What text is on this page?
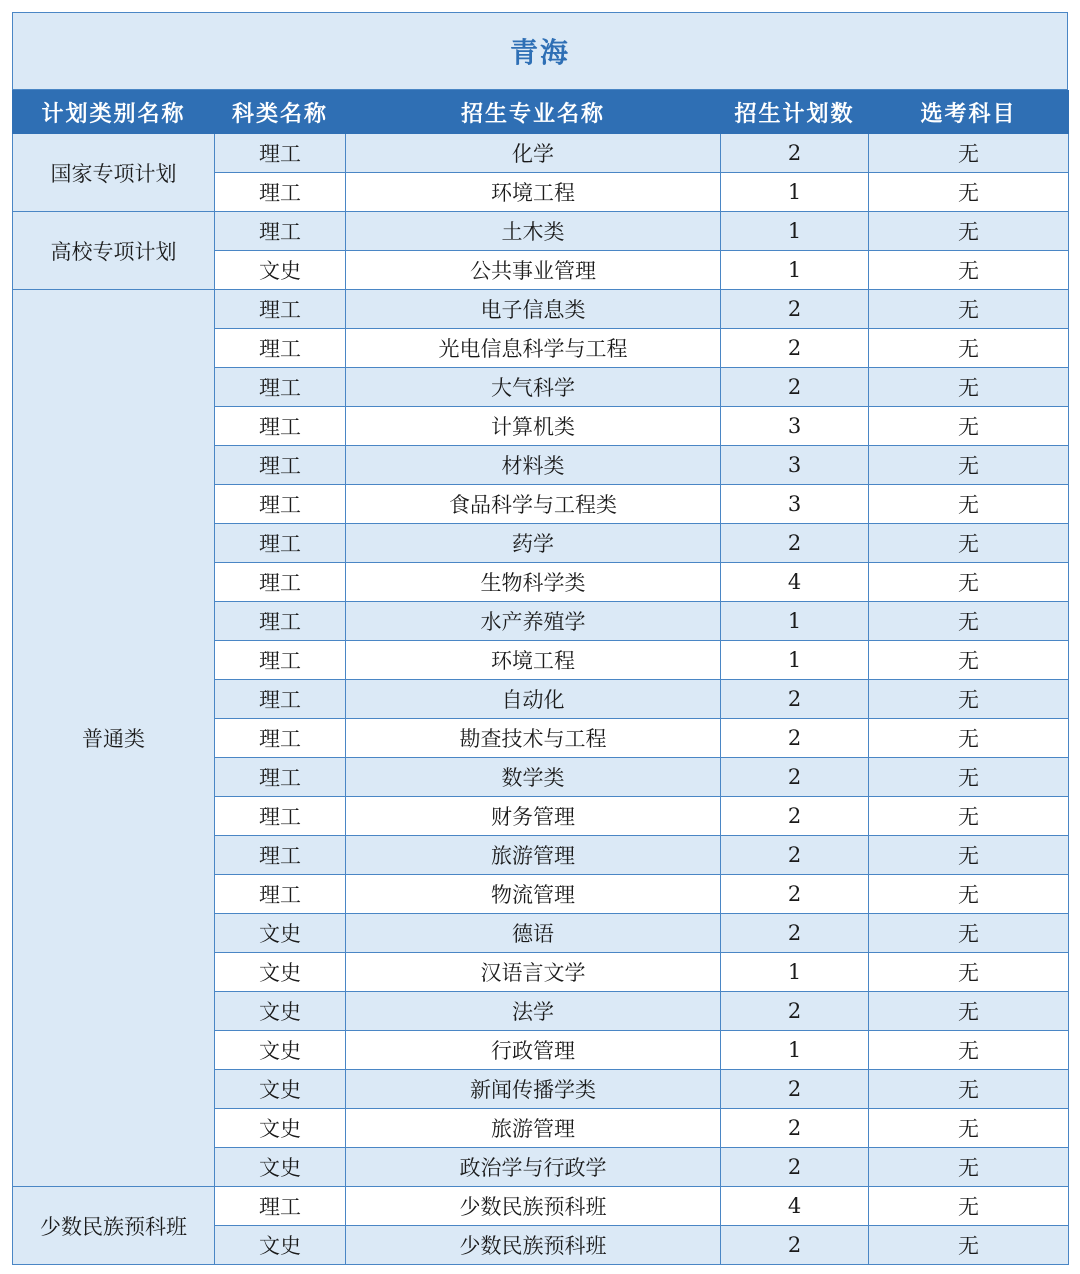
青海
计划类别名称	科类名称	招生专业名称	招生计划数	选考科目
国家专项计划	理工	化学	2	无
	理工	环境工程	1	无
高校专项计划	理工	土木类	1	无
	文史	公共事业管理	1	无
普通类	理工	电子信息类	2	无
	理工	光电信息科学与工程	2	无
	理工	大气科学	2	无
	理工	计算机类	3	无
	理工	材料类	3	无
	理工	食品科学与工程类	3	无
	理工	药学	2	无
	理工	生物科学类	4	无
	理工	水产养殖学	1	无
	理工	环境工程	1	无
	理工	自动化	2	无
	理工	勘查技术与工程	2	无
	理工	数学类	2	无
	理工	财务管理	2	无
	理工	旅游管理	2	无
	理工	物流管理	2	无
	文史	德语	2	无
	文史	汉语言文学	1	无
	文史	法学	2	无
	文史	行政管理	1	无
	文史	新闻传播学类	2	无
	文史	旅游管理	2	无
	文史	政治学与行政学	2	无
少数民族预科班	理工	少数民族预科班	4	无
	文史	少数民族预科班	2	无
